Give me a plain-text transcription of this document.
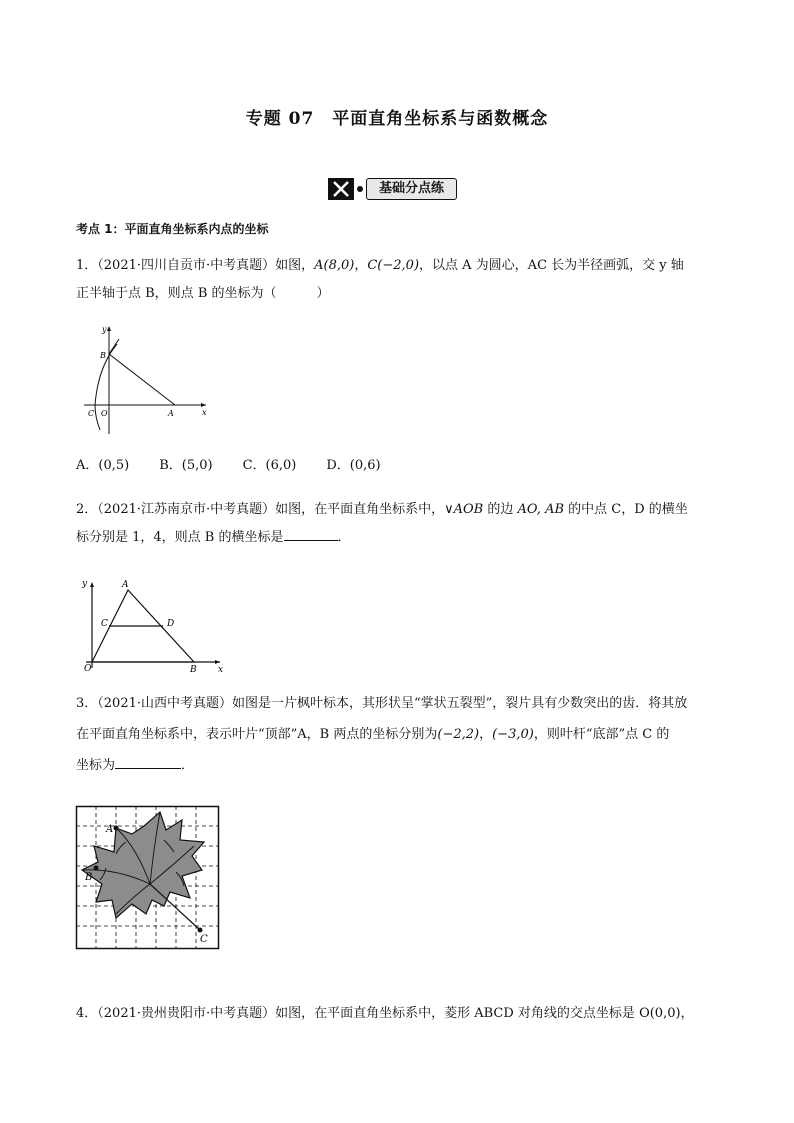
专题 07　平面直角坐标系与函数概念
基础分点练
考点 1：平面直角坐标系内点的坐标
1．（2021·四川自贡市·中考真题）如图，A(8,0)，C(−2,0)，以点 A 为圆心，AC 长为半径画弧，交 y 轴
正半轴于点 B，则点 B 的坐标为（	）
y
x
B
C O	A
A．(0,5) B．(5,0) C．(6,0) D．(0,6)
2．（2021·江苏南京市·中考真题）如图，在平面直角坐标系中，∨AOB 的边 AO, AB 的中点 C，D 的横坐
标分别是 1，4，则点 B 的横坐标是	．
y
x
A
C	D
O	B
3．（2021·山西中考真题）如图是一片枫叶标本，其形状呈“掌状五裂型”，裂片具有少数突出的齿．将其放
在平面直角坐标系中，表示叶片“顶部”A，B 两点的坐标分别为(−2,2)，(−3,0)，则叶杆“底部”点 C 的
坐标为	．
A
B
C
4．（2021·贵州贵阳市·中考真题）如图，在平面直角坐标系中，菱形 ABCD 对角线的交点坐标是 O(0,0)，
